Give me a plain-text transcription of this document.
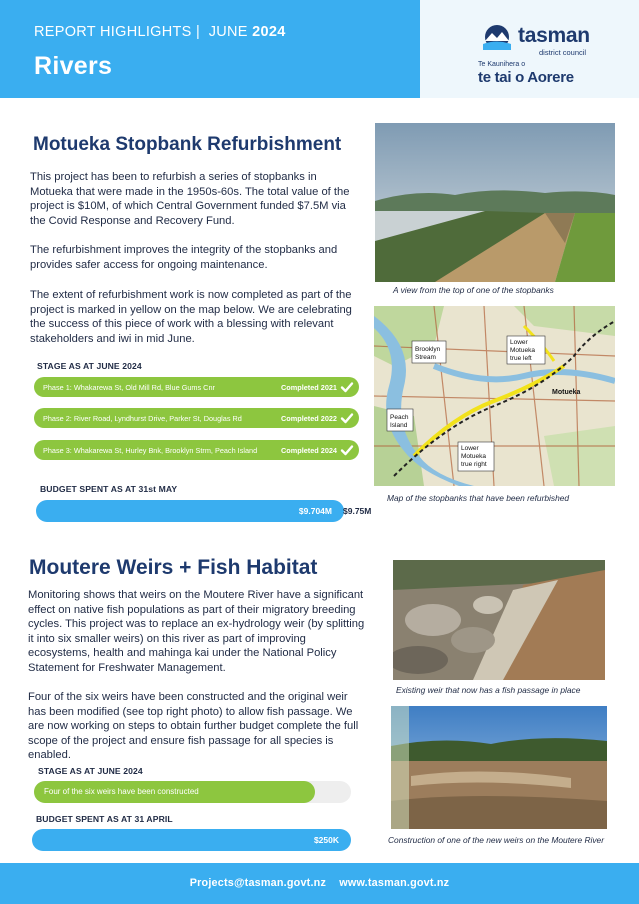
REPORT HIGHLIGHTS | JUNE 2024
Rivers
tasman
district council
Te Kaunihera o
te tai o Aorere
Motueka Stopbank Refurbishment

This project has been to refurbish a series of stopbanks in Motueka that were made in the 1950s-60s. The total value of the project is $10M, of which Central Government funded $7.5M via the Covid Response and Recovery Fund.

The refurbishment improves the integrity of the stopbanks and provides safer access for ongoing maintenance.

The extent of refurbishment work is now completed as part of the project is marked in yellow on the map below. We are celebrating the success of this piece of work with a blessing with relevant stakeholders and iwi in mid June.

STAGE AS AT JUNE 2024
Phase 1: Whakarewa St, Old Mill Rd, Blue Gums Cnr	Completed 2021
Phase 2: River Road, Lyndhurst Drive, Parker St, Douglas Rd	Completed 2022
Phase 3: Whakarewa St, Hurley Bnk, Brooklyn Strm, Peach Island	Completed 2024
BUDGET SPENT AS AT 31st MAY
$9.704M $9.75M
A view from the top of one of the stopbanks
Brooklyn
Stream
Lower
Motueka
true left
Peach
Island
Lower
Motueka
true right
Motueka
Map of the stopbanks that have been refurbished
Moutere Weirs + Fish Habitat

Monitoring shows that weirs on the Moutere River have a significant effect on native fish populations as part of their migratory breeding cycles. This project was to replace an ex-hydrology weir (by splitting it into six smaller weirs) on this river as part of improving ecosystems, health and mahinga kai under the National Policy Statement for Freshwater Management.

Four of the six weirs have been constructed and the original weir has been modified (see top right photo) to allow fish passage. We are now working on steps to obtain further budget complete the full scope of the project and ensure fish passage for all species is enabled.

STAGE AS AT JUNE 2024
Four of the six weirs have been constructed
BUDGET SPENT AS AT 31 APRIL
$250K
Existing weir that now has a fish passage in place
Construction of one of the new weirs on the Moutere River
Projects@tasman.govt.nz www.tasman.govt.nz
